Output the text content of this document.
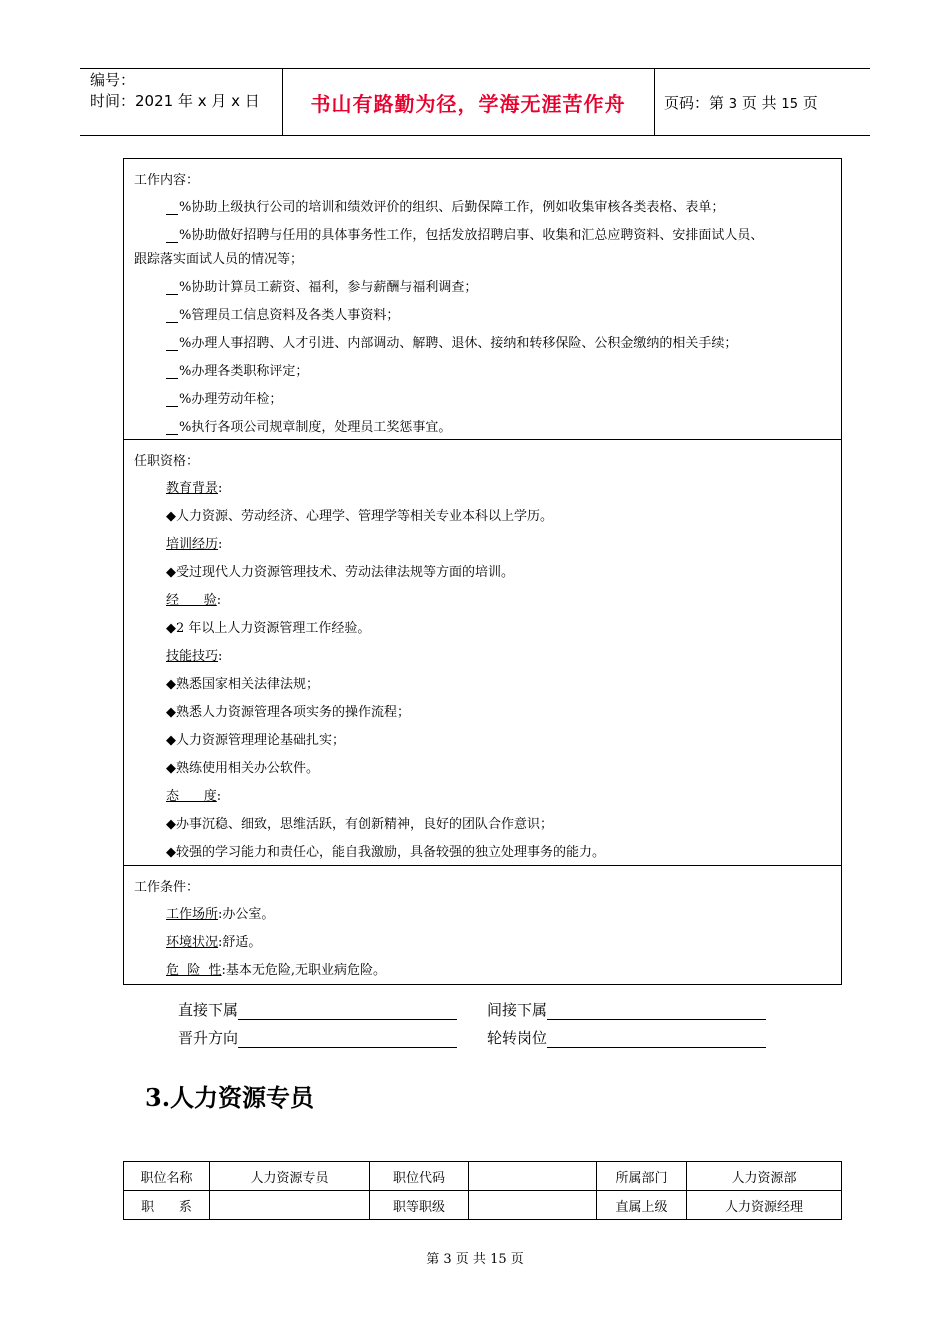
编号：
时间：2021 年 x 月 x 日	书山有路勤为径，学海无涯苦作舟	页码：第 3 页 共 15 页
工作内容：
%协助上级执行公司的培训和绩效评价的组织、后勤保障工作，例如收集审核各类表格、表单；
%协助做好招聘与任用的具体事务性工作，包括发放招聘启事、收集和汇总应聘资料、安排面试人员、
跟踪落实面试人员的情况等；
%协助计算员工薪资、福利，参与薪酬与福利调查；
%管理员工信息资料及各类人事资料；
%办理人事招聘、人才引进、内部调动、解聘、退休、接纳和转移保险、公积金缴纳的相关手续；
%办理各类职称评定；
%办理劳动年检；
%执行各项公司规章制度，处理员工奖惩事宜。
任职资格：
教育背景:
◆人力资源、劳动经济、心理学、管理学等相关专业本科以上学历。
培训经历:
◆受过现代人力资源管理技术、劳动法律法规等方面的培训。
经      验:
◆2 年以上人力资源管理工作经验。
技能技巧:
◆熟悉国家相关法律法规；
◆熟悉人力资源管理各项实务的操作流程；
◆人力资源管理理论基础扎实；
◆熟练使用相关办公软件。
态      度:
◆办事沉稳、细致，思维活跃，有创新精神，良好的团队合作意识；
◆较强的学习能力和责任心，能自我激励，具备较强的独立处理事务的能力。
工作条件：
工作场所:办公室。
环境状况:舒适。
危  险  性:基本无危险,无职业病危险。
直接下属	间接下属
晋升方向	轮转岗位
3.人力资源专员
职位名称	人力资源专员	职位代码		所属部门	人力资源部
职      系		职等职级		直属上级	人力资源经理
第 3 页 共 15 页
